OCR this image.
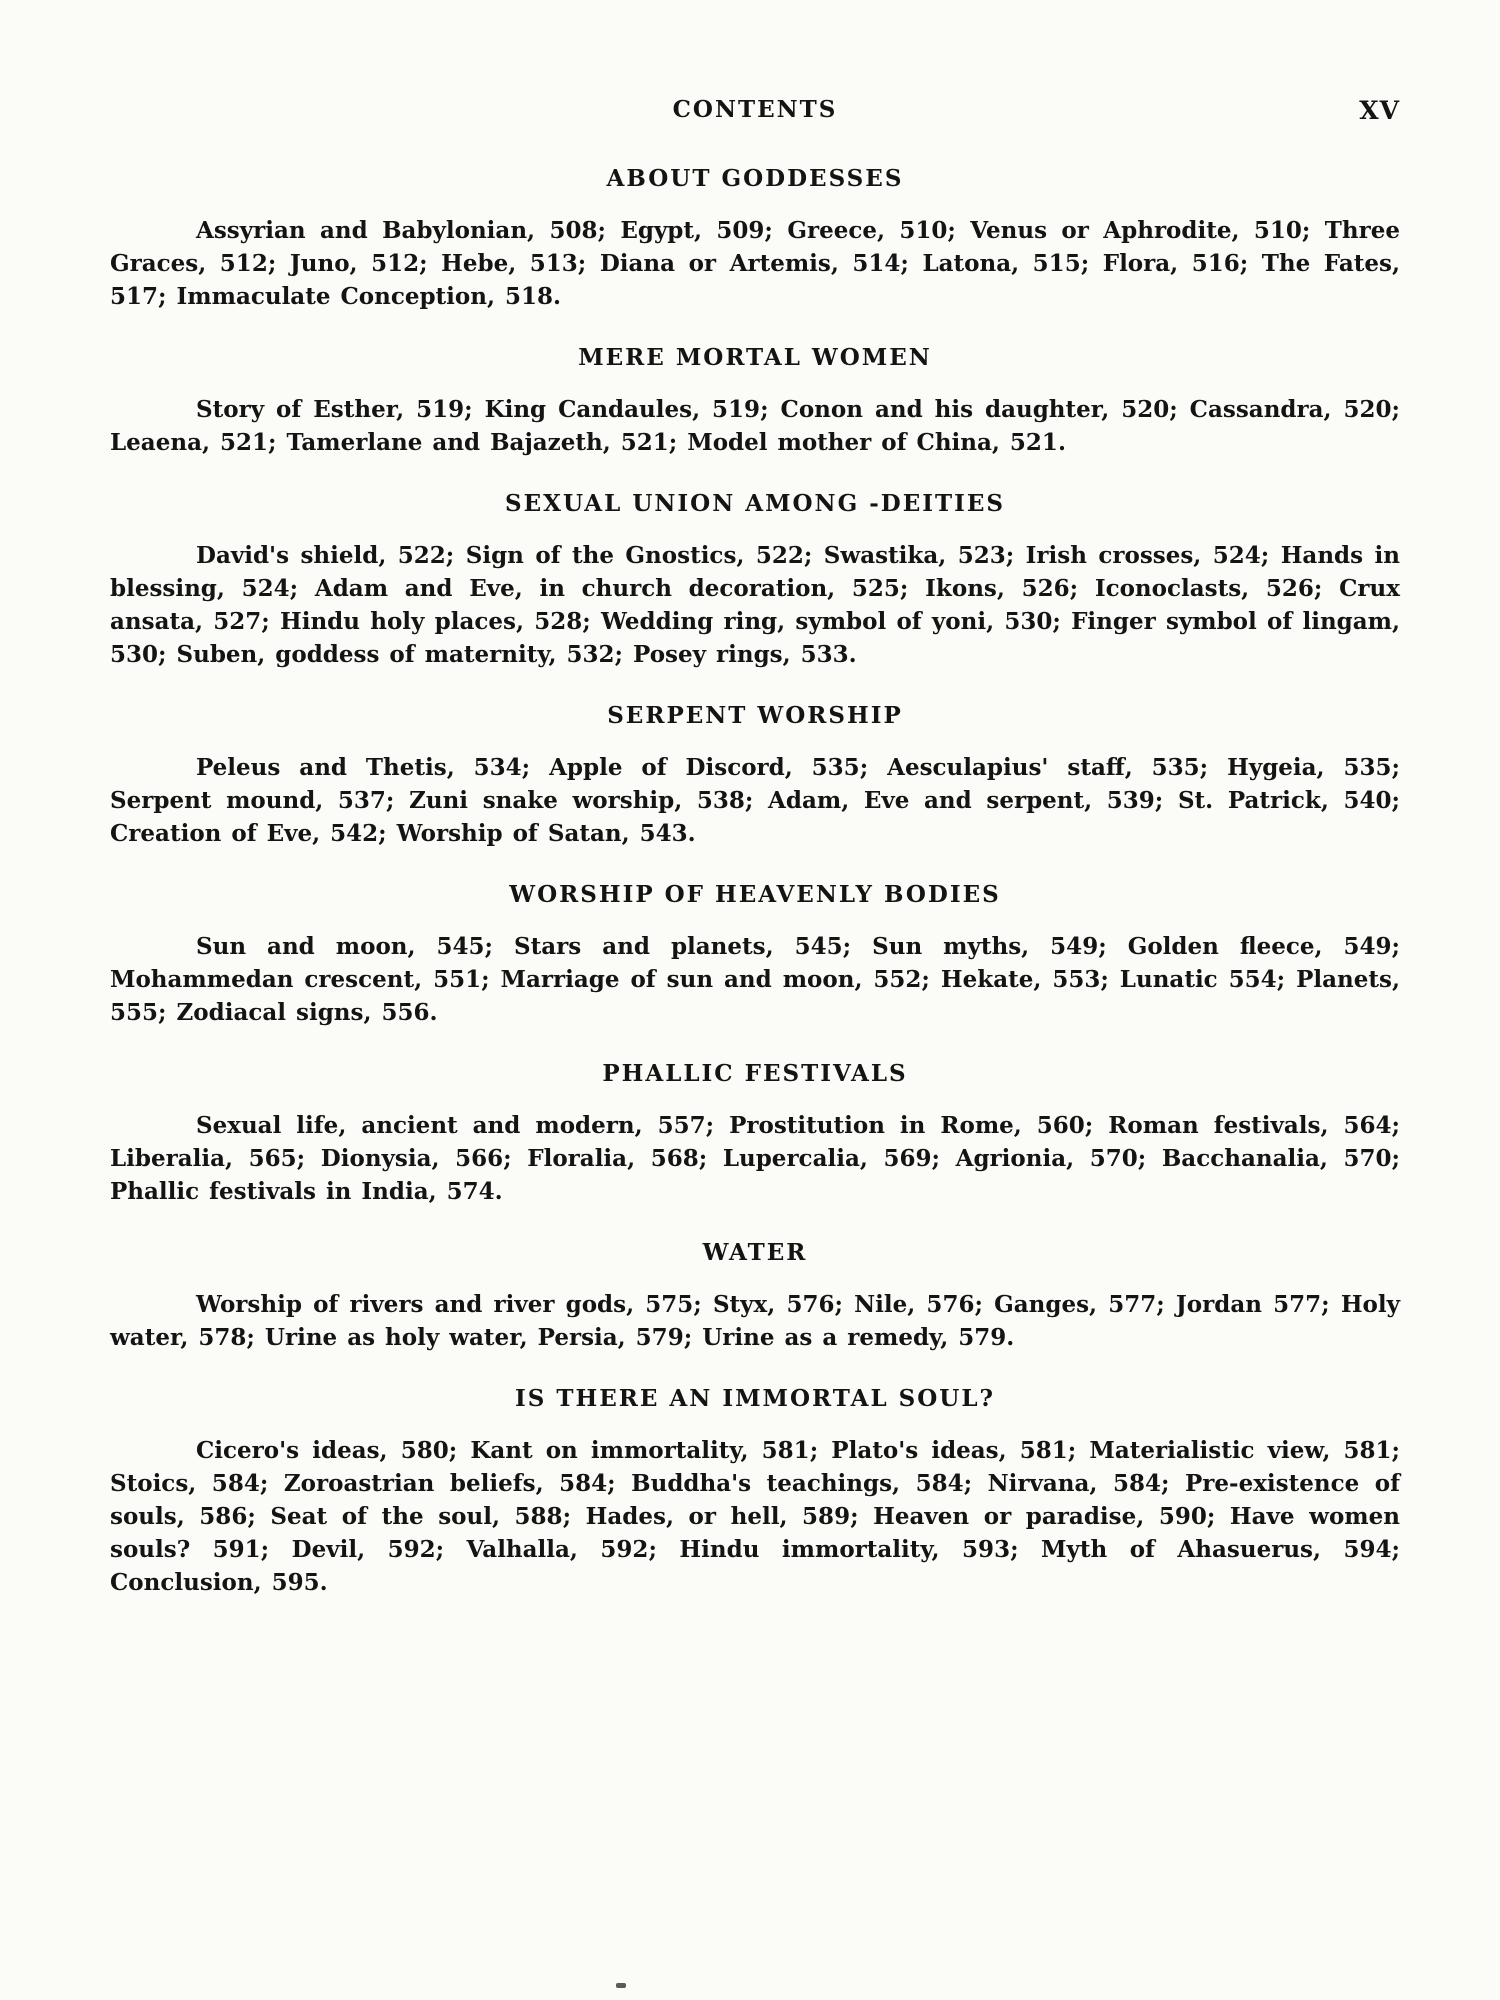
CONTENTS	XV
ABOUT GODDESSES

Assyrian and Babylonian, 508; Egypt, 509; Greece, 510; Venus or Aphrodite, 510; Three Graces, 512; Juno, 512; Hebe, 513; Diana or Artemis, 514; Latona, 515; Flora, 516; The Fates, 517; Immaculate Conception, 518.

MERE MORTAL WOMEN

Story of Esther, 519; King Candaules, 519; Conon and his daughter, 520; Cassandra, 520; Leaena, 521; Tamerlane and Bajazeth, 521; Model mother of China, 521.

SEXUAL UNION AMONG -DEITIES

David's shield, 522; Sign of the Gnostics, 522; Swastika, 523; Irish crosses, 524; Hands in blessing, 524; Adam and Eve, in church decoration, 525; Ikons, 526; Iconoclasts, 526; Crux ansata, 527; Hindu holy places, 528; Wedding ring, symbol of yoni, 530; Finger symbol of lingam, 530; Suben, goddess of maternity, 532; Posey rings, 533.

SERPENT WORSHIP

Peleus and Thetis, 534; Apple of Discord, 535; Aesculapius' staff, 535; Hygeia, 535; Serpent mound, 537; Zuni snake worship, 538; Adam, Eve and serpent, 539; St. Patrick, 540; Creation of Eve, 542; Worship of Satan, 543.

WORSHIP OF HEAVENLY BODIES

Sun and moon, 545; Stars and planets, 545; Sun myths, 549; Golden fleece, 549; Mohammedan crescent, 551; Marriage of sun and moon, 552; Hekate, 553; Lunatic 554; Planets, 555; Zodiacal signs, 556.

PHALLIC FESTIVALS

Sexual life, ancient and modern, 557; Prostitution in Rome, 560; Roman festivals, 564; Liberalia, 565; Dionysia, 566; Floralia, 568; Lupercalia, 569; Agrionia, 570; Bacchanalia, 570; Phallic festivals in India, 574.

WATER

Worship of rivers and river gods, 575; Styx, 576; Nile, 576; Ganges, 577; Jordan 577; Holy water, 578; Urine as holy water, Persia, 579; Urine as a remedy, 579.

IS THERE AN IMMORTAL SOUL?

Cicero's ideas, 580; Kant on immortality, 581; Plato's ideas, 581; Materialistic view, 581; Stoics, 584; Zoroastrian beliefs, 584; Buddha's teachings, 584; Nirvana, 584; Pre-existence of souls, 586; Seat of the soul, 588; Hades, or hell, 589; Heaven or paradise, 590; Have women souls? 591; Devil, 592; Valhalla, 592; Hindu immortality, 593; Myth of Ahasuerus, 594; Conclusion, 595.
